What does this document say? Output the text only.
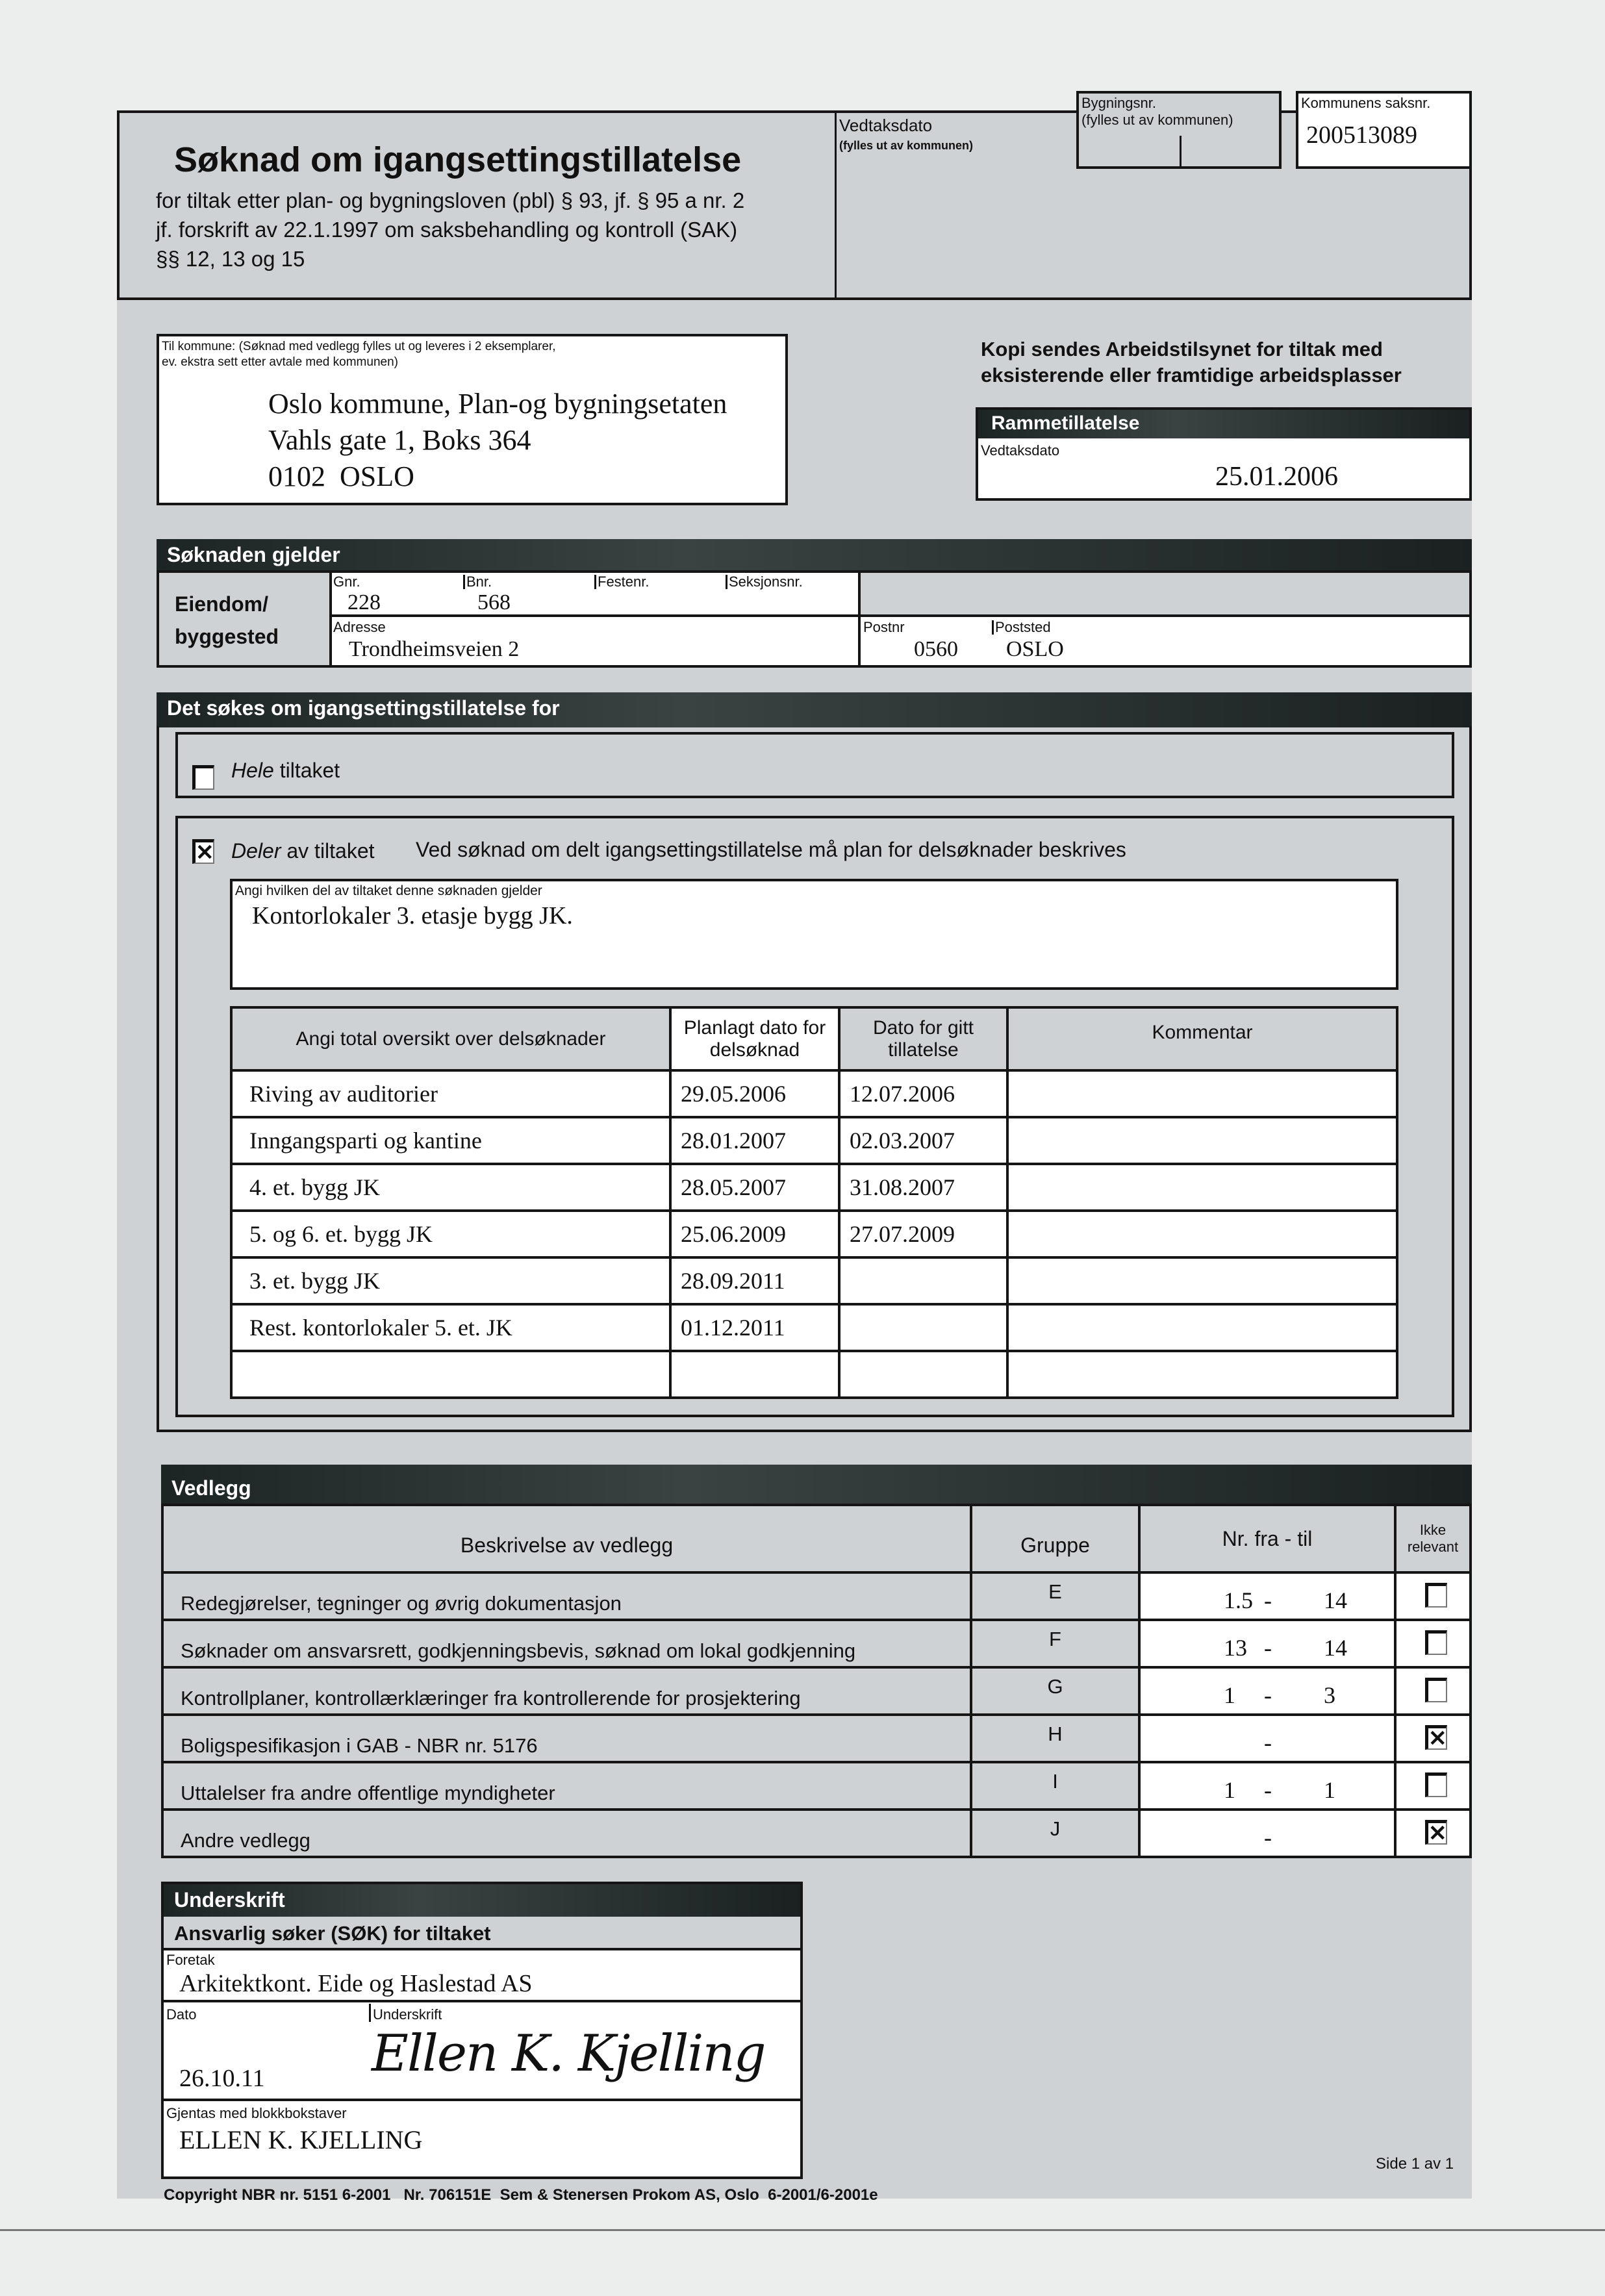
Søknad om igangsettingstillatelse
for tiltak etter plan- og bygningsloven (pbl) § 93, jf. § 95 a nr. 2
jf. forskrift av 22.1.1997 om saksbehandling og kontroll (SAK)
§§ 12, 13 og 15
Vedtaksdato
(fylles ut av kommunen)
Bygningsnr.
(fylles ut av kommunen)
Kommunens saksnr.
200513089
Til kommune: (Søknad med vedlegg fylles ut og leveres i 2 eksemplarer,
ev. ekstra sett etter avtale med kommunen)
Oslo kommune, Plan-og bygningsetaten
Vahls gate 1, Boks 364
0102  OSLO
Kopi sendes Arbeidstilsynet for tiltak med
eksisterende eller framtidige arbeidsplasser
Rammetillatelse
Vedtaksdato
25.01.2006
Søknaden gjelder
Eiendom/
byggested
Gnr.
228
Bnr.
568
Festenr.	Seksjonsnr.
Adresse
Trondheimsveien 2
Postnr
0560
Poststed
OSLO
Det søkes om igangsettingstillatelse for
Hele tiltaket
✕ Deler av tiltaket Ved søknad om delt igangsettingstillatelse må plan for delsøknader beskrives
Angi hvilken del av tiltaket denne søknaden gjelder
Kontorlokaler 3. etasje bygg JK.
Angi total oversikt over delsøknader	Planlagt dato for delsøknad	Dato for gitt tillatelse	Kommentar
Riving av auditorier	29.05.2006	12.07.2006	
Inngangsparti og kantine	28.01.2007	02.03.2007	
4. et. bygg JK	28.05.2007	31.08.2007	
5. og 6. et. bygg JK	25.06.2009	27.07.2009	
3. et. bygg JK	28.09.2011		
Rest. kontorlokaler 5. et. JK	01.12.2011		

Vedlegg
Beskrivelse av vedlegg	Gruppe	Nr. fra - til	Ikke relevant
Redegjørelser, tegninger og øvrig dokumentasjon	E	1.5 - 14	

Søknader om ansvarsrett, godkjenningsbevis, søknad om lokal godkjenning	F	13 - 14	

Kontrollplaner, kontrollærklæringer fra kontrollerende for prosjektering	G	1 - 3	

Boligspesifikasjon i GAB - NBR nr. 5176	H	-	✕

Uttalelser fra andre offentlige myndigheter	I	1 - 1	

Andre vedlegg	J	-	✕
Underskrift
Ansvarlig søker (SØK) for tiltaket
Foretak
Arkitektkont. Eide og Haslestad AS
Dato
26.10.11
Underskrift
Ellen K. Kjelling
Gjentas med blokkbokstaver
ELLEN K. KJELLING
Copyright NBR nr. 5151 6-2001   Nr. 706151E  Sem & Stenersen Prokom AS, Oslo  6-2001/6-2001e
Side 1 av 1
